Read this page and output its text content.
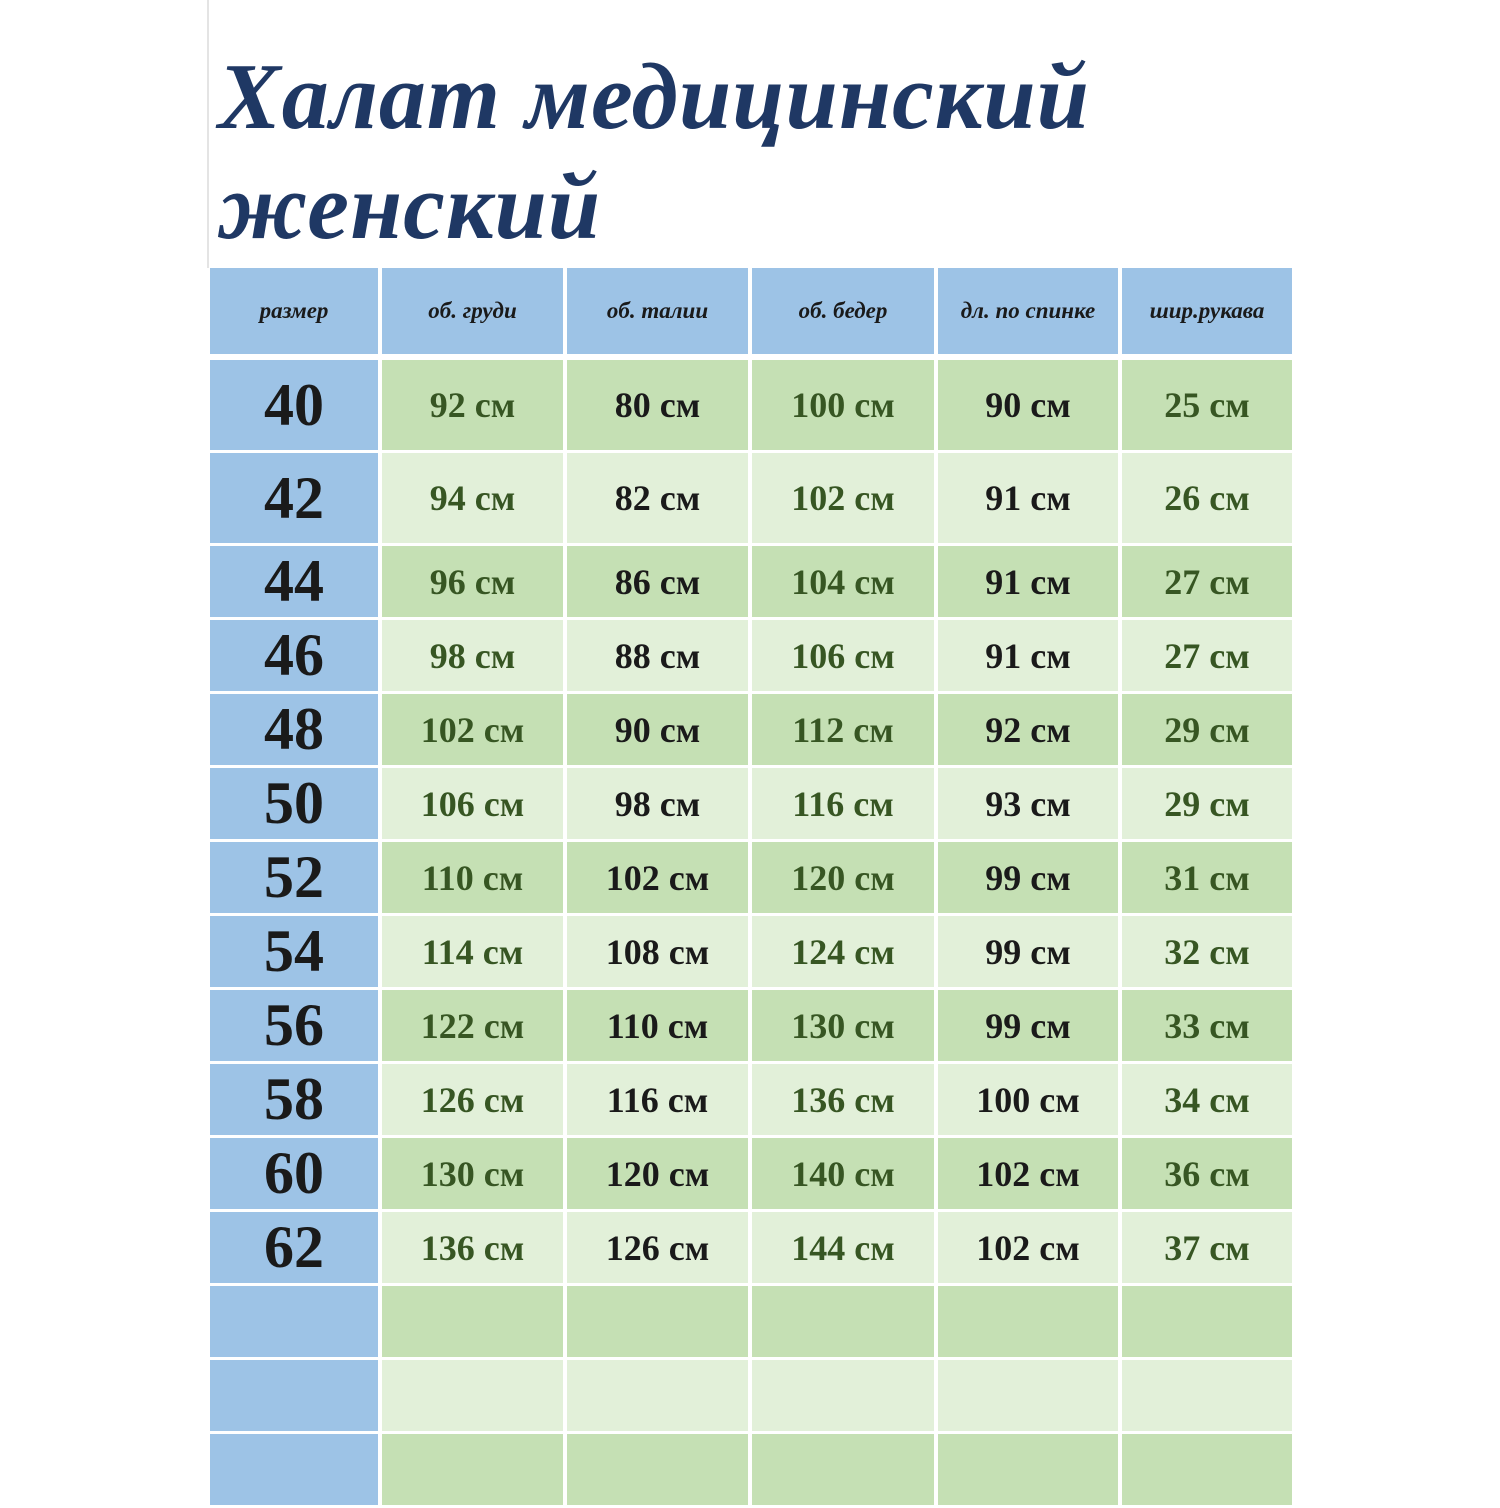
Халат медицинский
женский
размер	об. груди	об. талии	об. бедер	дл. по спинке	шир.рукава
40	92 см	80 см	100 см	90 см	25 см
42	94 см	82 см	102 см	91 см	26 см
44	96 см	86 см	104 см	91 см	27 см
46	98 см	88 см	106 см	91 см	27 см
48	102 см	90 см	112 см	92 см	29 см
50	106 см	98 см	116 см	93 см	29 см
52	110 см	102 см	120 см	99 см	31 см
54	114 см	108 см	124 см	99 см	32 см
56	122 см	110 см	130 см	99 см	33 см
58	126 см	116 см	136 см	100 см	34 см
60	130 см	120 см	140 см	102 см	36 см
62	136 см	126 см	144 см	102 см	37 см
